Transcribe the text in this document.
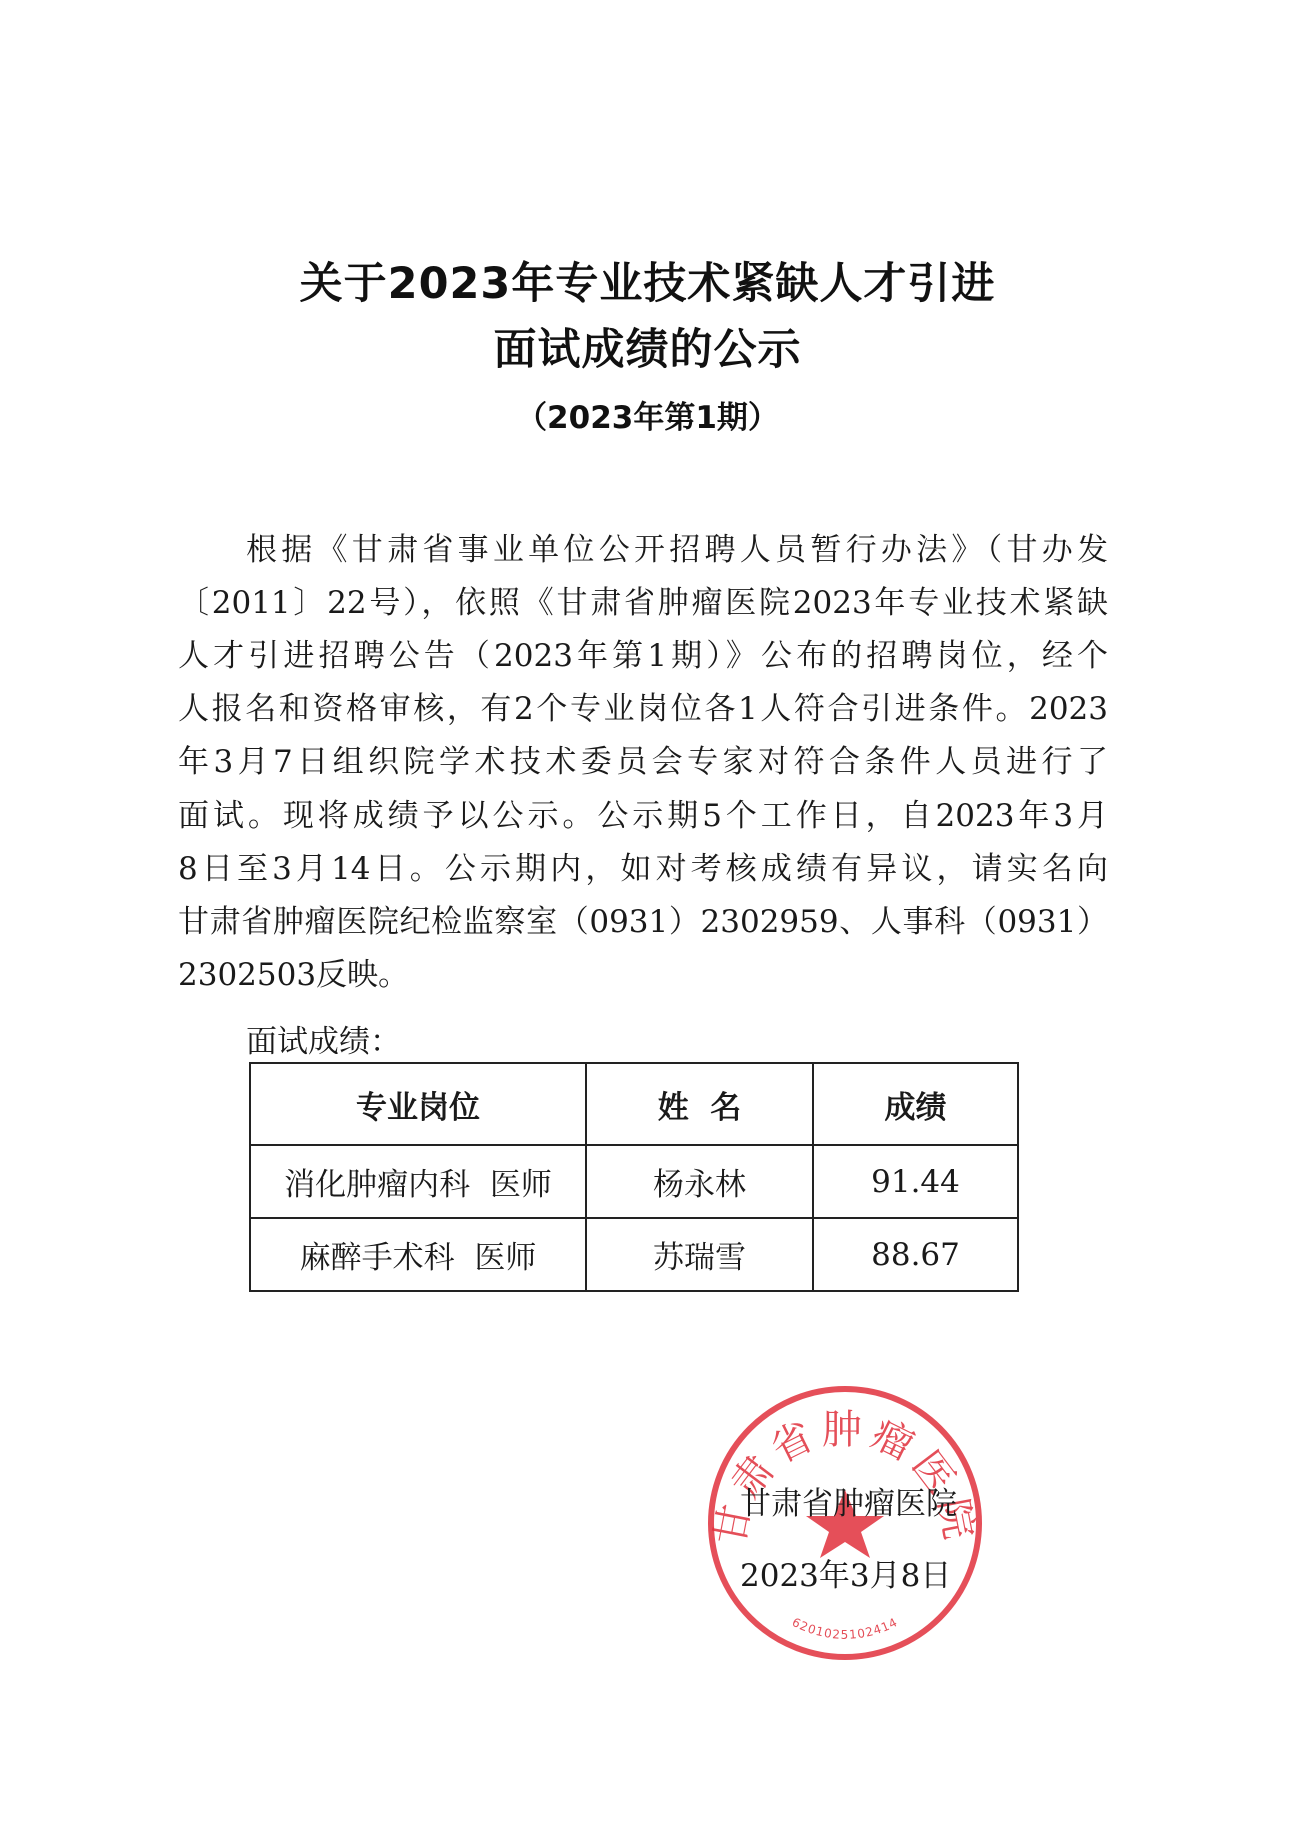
关于2023年专业技术紧缺人才引进
面试成绩的公示
（2023年第1期）
根据《甘肃省事业单位公开招聘人员暂行办法》（甘办发
〔2011〕22号），依照《甘肃省肿瘤医院2023年专业技术紧缺
人才引进招聘公告（2023年第1期）》公布的招聘岗位，经个
人报名和资格审核，有2个专业岗位各1人符合引进条件。2023
年3月7日组织院学术技术委员会专家对符合条件人员进行了
面试。现将成绩予以公示。公示期5个工作日，自2023年3月
8日至3月14日。公示期内，如对考核成绩有异议，请实名向
甘肃省肿瘤医院纪检监察室（0931）2302959、人事科（0931）
2302503反映。
面试成绩：
专业岗位	姓  名	成绩
消化肿瘤内科  医师	杨永林	91.44
麻醉手术科  医师	苏瑞雪	88.67
甘肃省肿瘤医院
6201025102414
甘肃省肿瘤医院
2023年3月8日
